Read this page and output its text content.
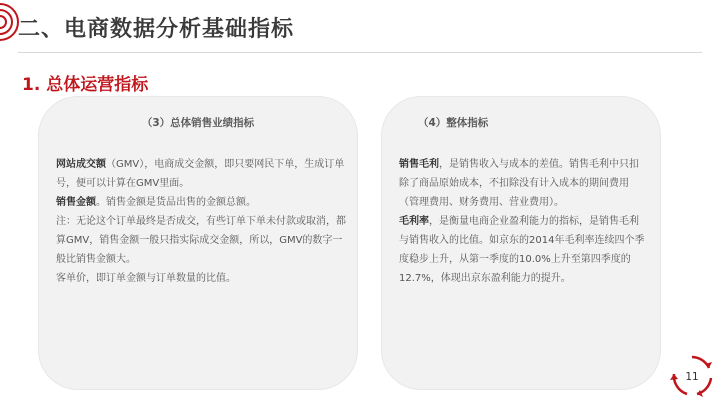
二、电商数据分析基础指标
1. 总体运营指标
（3）总体销售业绩指标

网站成交额（GMV），电商成交金额，即只要网民下单，生成订单号，便可以计算在GMV里面。

销售金额。销售金额是货品出售的金额总额。

注：无论这个订单最终是否成交，有些订单下单未付款或取消，都算GMV，销售金额一般只指实际成交金额，所以，GMV的数字一般比销售金额大。

客单价，即订单金额与订单数量的比值。

（4）整体指标

销售毛利，是销售收入与成本的差值。销售毛利中只扣除了商品原始成本，不扣除没有计入成本的期间费用（管理费用、财务费用、营业费用）。

毛利率，是衡量电商企业盈利能力的指标，是销售毛利与销售收入的比值。如京东的2014年毛利率连续四个季度稳步上升，从第一季度的10.0%上升至第四季度的12.7%，体现出京东盈利能力的提升。

11
